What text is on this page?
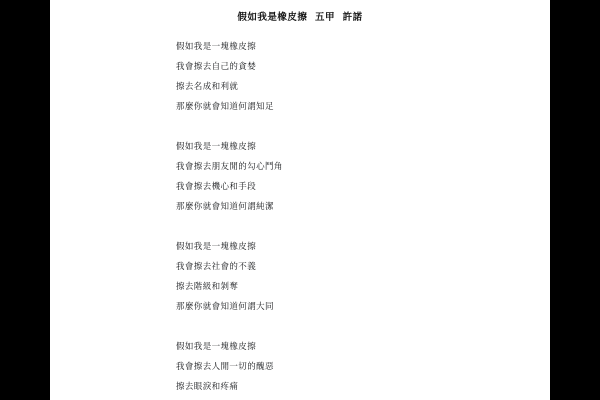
假如我是橡皮擦  五甲  許諾
假如我是一塊橡皮擦
我會擦去自己的貪婪
擦去名成和利就
那麼你就會知道何謂知足
假如我是一塊橡皮擦
我會擦去朋友閒的勾心鬥角
我會擦去機心和手段
那麼你就會知道何謂純潔
假如我是一塊橡皮擦
我會擦去社會的不義
擦去階級和剝奪
那麼你就會知道何謂大同
假如我是一塊橡皮擦
我會擦去人閒一切的醜惡
擦去眼淚和疼痛
